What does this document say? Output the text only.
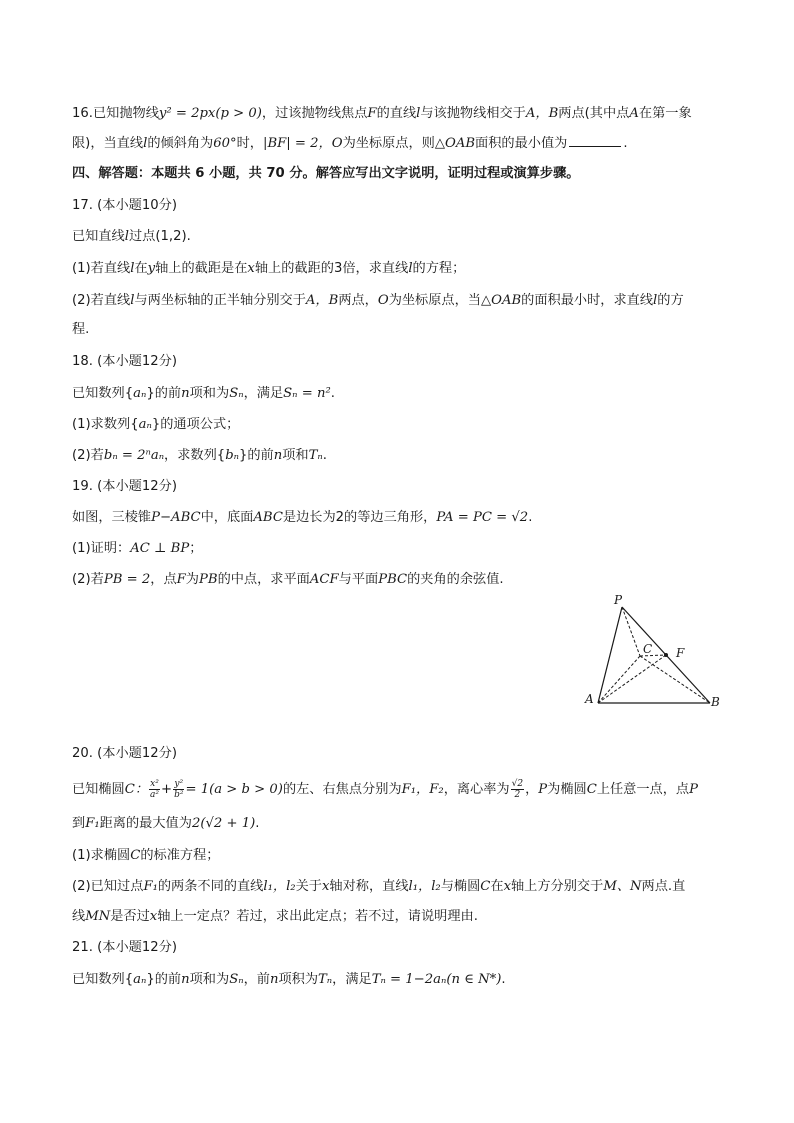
16.已知抛物线y² = 2px(p > 0)，过该抛物线焦点F的直线l与该抛物线相交于A，B两点(其中点A在第一象
限)，当直线l的倾斜角为60°时，|BF| = 2，O为坐标原点，则△OAB面积的最小值为	.
四、解答题：本题共 6 小题，共 70 分。解答应写出文字说明，证明过程或演算步骤。
17. (本小题10分)
已知直线l过点(1,2).
(1)若直线l在y轴上的截距是在x轴上的截距的3倍，求直线l的方程；
(2)若直线l与两坐标轴的正半轴分别交于A，B两点，O为坐标原点，当△OAB的面积最小时，求直线l的方
程.
18. (本小题12分)
已知数列{aₙ}的前n项和为Sₙ，满足Sₙ = n².
(1)求数列{aₙ}的通项公式；
(2)若bₙ = 2ⁿaₙ，求数列{bₙ}的前n项和Tₙ.
19. (本小题12分)
如图，三棱锥P−ABC中，底面ABC是边长为2的等边三角形，PA = PC = √2.
(1)证明：AC ⊥ BP；
(2)若PB = 2，点F为PB的中点，求平面ACF与平面PBC的夹角的余弦值.
P
C F
A	B
20. (本小题12分)
已知椭圆C： $\frac{\text{x²}}{\text{a²}} + \frac{\text{y²}}{\text{b²}} = 1(a > b > 0)$的左、右焦点分别为F₁，F₂，离心率为 $\frac{√2}{2}$ ，P为椭圆C上任意一点，点P
到F₁距离的最大值为2(√2 + 1).
(1)求椭圆C的标准方程；
(2)已知过点F₁的两条不同的直线l₁，l₂关于x轴对称，直线l₁，l₂与椭圆C在x轴上方分别交于M、N两点.直
线MN是否过x轴上一定点？若过，求出此定点；若不过，请说明理由.
21. (本小题12分)
已知数列{aₙ}的前n项和为Sₙ，前n项积为Tₙ，满足Tₙ = 1−2aₙ(n ∈ N*).
